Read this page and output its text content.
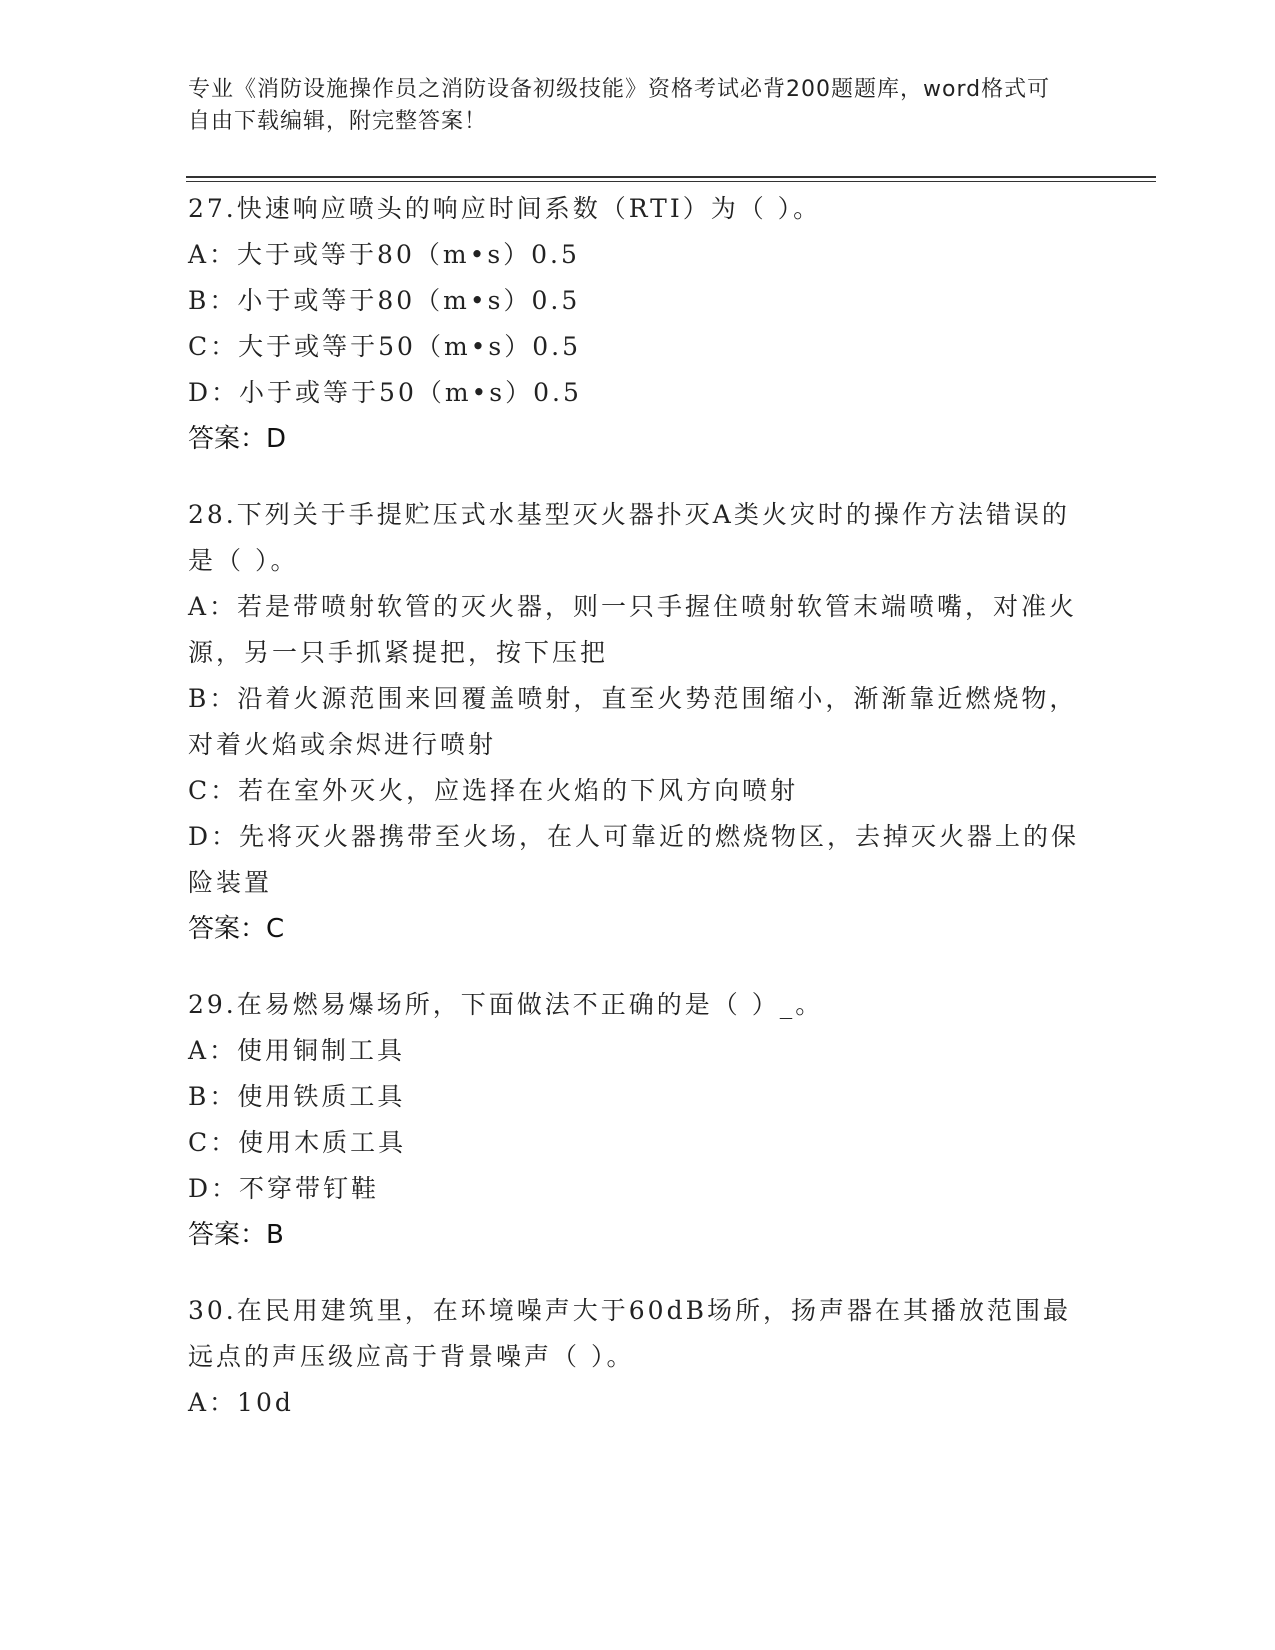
专业《消防设施操作员之消防设备初级技能》资格考试必背200题题库，word格式可自由下载编辑，附完整答案！

27.快速响应喷头的响应时间系数（RTI）为（ ）。

A：大于或等于80（m•s）0.5

B：小于或等于80（m•s）0.5

C：大于或等于50（m•s）0.5

D：小于或等于50（m•s）0.5

答案：D

28.下列关于手提贮压式水基型灭火器扑灭A类火灾时的操作方法错误的是（ ）。

A：若是带喷射软管的灭火器，则一只手握住喷射软管末端喷嘴，对准火源，另一只手抓紧提把，按下压把

B：沿着火源范围来回覆盖喷射，直至火势范围缩小，渐渐靠近燃烧物，对着火焰或余烬进行喷射

C：若在室外灭火，应选择在火焰的下风方向喷射

D：先将灭火器携带至火场，在人可靠近的燃烧物区，去掉灭火器上的保险装置

答案：C

29.在易燃易爆场所，下面做法不正确的是（ ）_。

A：使用铜制工具

B：使用铁质工具

C：使用木质工具

D：不穿带钉鞋

答案：B

30.在民用建筑里，在环境噪声大于60dB场所，扬声器在其播放范围最远点的声压级应高于背景噪声（ ）。

A：10d
